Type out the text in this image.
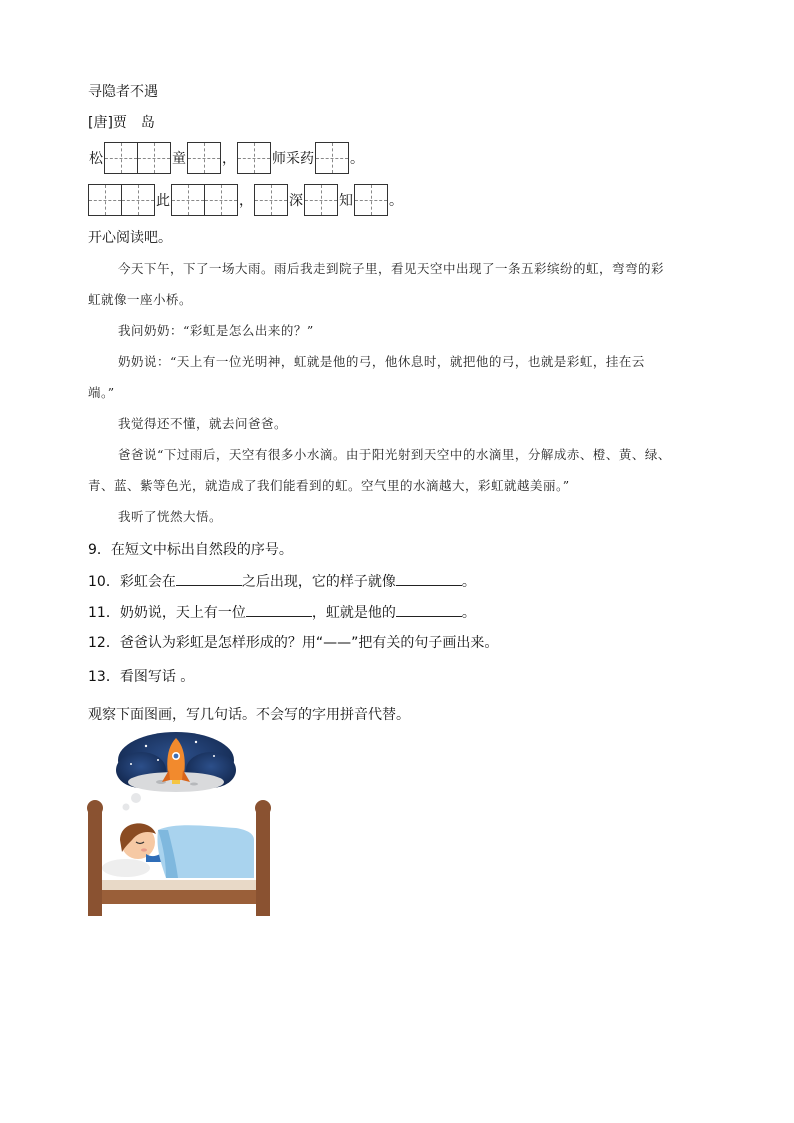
寻隐者不遇
[唐]贾　岛
松	童	，	师采药	。
此	，	深	知	。
开心阅读吧。

今天下午，下了一场大雨。雨后我走到院子里，看见天空中出现了一条五彩缤纷的虹，弯弯的彩

虹就像一座小桥。

我问奶奶：“彩虹是怎么出来的？”

奶奶说：“天上有一位光明神，虹就是他的弓，他休息时，就把他的弓，也就是彩虹，挂在云

端。”

我觉得还不懂，就去问爸爸。

爸爸说“下过雨后，天空有很多小水滴。由于阳光射到天空中的水滴里，分解成赤、橙、黄、绿、

青、蓝、紫等色光，就造成了我们能看到的虹。空气里的水滴越大，彩虹就越美丽。”

我听了恍然大悟。

9．在短文中标出自然段的序号。
10．彩虹会在	之后出现，它的样子就像	。
11．奶奶说，天上有一位	，虹就是他的	。
12．爸爸认为彩虹是怎样形成的？用“——”把有关的句子画出来。
13．看图写话 。
观察下面图画，写几句话。不会写的字用拼音代替。
